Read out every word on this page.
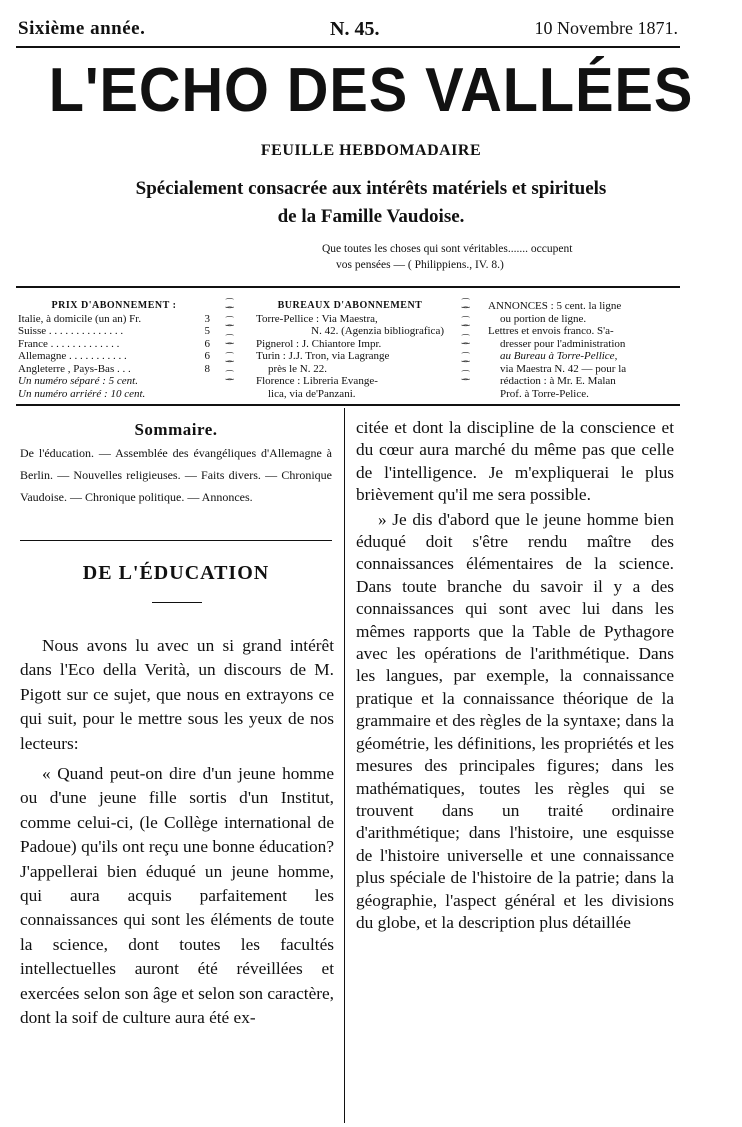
Sixième année.	N. 45.	10 Novembre 1871.
L'ECHO DES VALLÉES
FEUILLE HEBDOMADAIRE
Spécialement consacrée aux intérêts matériels et spirituels
de la Famille Vaudoise.
Que toutes les choses qui sont véritables....... occupent
vos pensées — ( Philippiens., IV. 8.)
PRIX D'ABONNEMENT :
Italie, à domicile (un an) Fr.	3
Suisse . . . . . . . . . . . . . .	5
France . . . . . . . . . . . . .	6
Allemagne . . . . . . . . . . .	6
Angleterre , Pays-Bas . . .	8
Un numéro séparé : 5 cent.
Un numéro arriéré : 10 cent.
⁐
⁀
⁐
⁀
⁐
⁀
⁐
⁀
⁐
⁀
BUREAUX D'ABONNEMENT
Torre-Pellice : Via Maestra,
N. 42. (Agenzia bibliografica)
Pignerol : J. Chiantore Impr.
Turin : J.J. Tron, via Lagrange
près le N. 22.
Florence : Libreria Evange-
lica, via de'Panzani.
⁐
⁀
⁐
⁀
⁐
⁀
⁐
⁀
⁐
⁀
ANNONCES : 5 cent. la ligne
ou portion de ligne.
Lettres et envois franco. S'a-
dresser pour l'administration
au Bureau à Torre-Pellice,
via Maestra N. 42 — pour la
rédaction : à Mr. E. Malan
Prof. à Torre-Pelice.
Sommaire.
De l'éducation. — Assemblée des évangéliques d'Allemagne à Berlin. — Nouvelles religieuses. — Faits divers. — Chronique Vaudoise. — Chronique politique. — Annonces.
DE L'ÉDUCATION

Nous avons lu avec un si grand intérêt dans l'Eco della Verità, un discours de M. Pigott sur ce sujet, que nous en extrayons ce qui suit, pour le mettre sous les yeux de nos lecteurs:

« Quand peut-on dire d'un jeune homme ou d'une jeune fille sortis d'un Institut, comme celui-ci, (le Collège international de Padoue) qu'ils ont reçu une bonne éducation? J'appellerai bien éduqué un jeune homme, qui aura acquis parfaitement les connaissances qui sont les éléments de toute la science, dont toutes les facultés intellectuelles auront été réveillées et exercées selon son âge et selon son caractère, dont la soif de culture aura été ex-

citée et dont la discipline de la conscience et du cœur aura marché du même pas que celle de l'intelligence. Je m'expliquerai le plus brièvement qu'il me sera possible.

» Je dis d'abord que le jeune homme bien éduqué doit s'être rendu maître des connaissances élémentaires de la science. Dans toute branche du savoir il y a des connaissances qui sont avec lui dans les mêmes rapports que la Table de Pythagore avec les opérations de l'arithmétique. Dans les langues, par exemple, la connaissance pratique et la connaissance théorique de la grammaire et des règles de la syntaxe; dans la géométrie, les définitions, les propriétés et les mesures des principales figures; dans les mathématiques, toutes les règles qui se trouvent dans un traité ordinaire d'arithmétique; dans l'histoire, une esquisse de l'histoire universelle et une connaissance plus spéciale de l'histoire de la patrie; dans la géographie, l'aspect général et les divisions du globe, et la description plus détaillée
